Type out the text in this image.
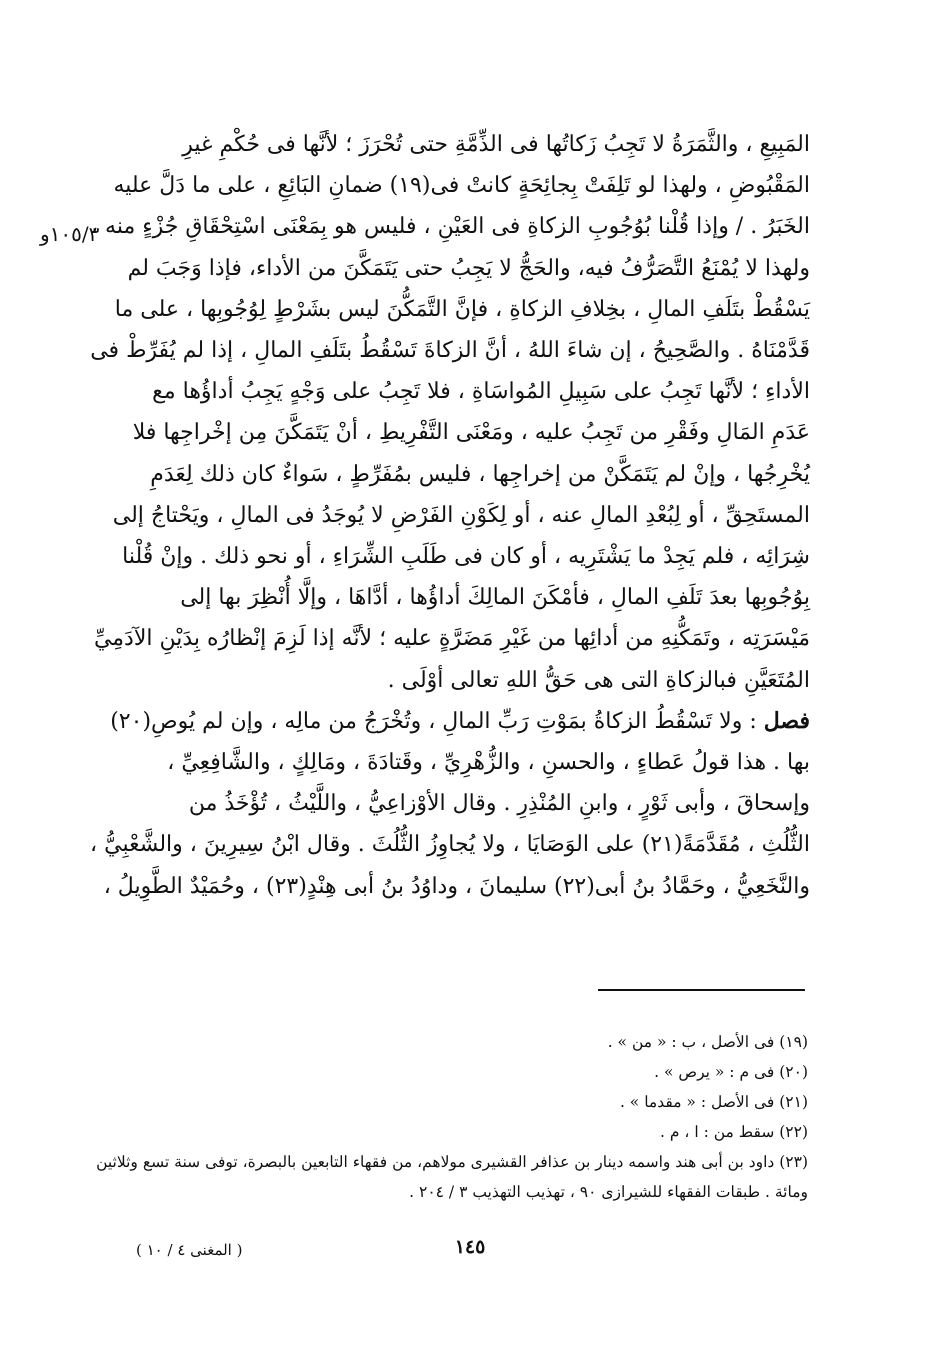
المَبِيعِ ، والثَّمَرَةُ لا تَجِبُ زَكاتُها فى الذِّمَّةِ حتى تُحْرَزَ ؛ لأنَّها فى حُكْمِ غيرِ
المَقْبُوضِ ، ولهذا لو تَلِفَتْ بِجائِحَةٍ كانتْ فى(١٩) ضمانِ البَائِعِ ، على ما دَلَّ عليه
الخَبَرُ . / وإذا قُلْنا بُوُجُوبِ الزكاةِ فى العَيْنِ ، فليس هو بِمَعْنَى اسْتِحْقَاقِ جُزْءٍ منه ،
ولهذا لا يُمْنَعُ التَّصَرُّفُ فيه، والحَجُّ لا يَجِبُ حتى يَتَمَكَّنَ من الأداء، فإذا وَجَبَ لم
يَسْقُطْ بتَلَفِ المالِ ، بخِلافِ الزكاةِ ، فإنَّ التَّمَكُّنَ ليس بشَرْطٍ لِوُجُوبِها ، على ما
قَدَّمْنَاهُ . والصَّحِيحُ ، إن شاءَ اللهُ ، أنَّ الزكاةَ تَسْقُطُ بتَلَفِ المالِ ، إذا لم يُفَرِّطْ فى
الأداءِ ؛ لأنَّها تَجِبُ على سَبِيلِ المُواسَاةِ ، فلا تَجِبُ على وَجْهٍ يَجِبُ أداؤُها مع
عَدَمِ المَالِ وفَقْرِ من تَجِبُ عليه ، ومَعْنَى التَّفْرِيطِ ، أنْ يَتَمَكَّنَ مِن إخْراجِها فلا
يُخْرِجُها ، وإنْ لم يَتَمَكَّنْ من إخراجِها ، فليس بمُفَرِّطٍ ، سَواءٌ كان ذلك لِعَدَمِ
المستَحِقِّ ، أو لِبُعْدِ المالِ عنه ، أو لِكَوْنِ الفَرْضِ لا يُوجَدُ فى المالِ ، ويَحْتاجُ إلى
شِرَائِه ، فلم يَجِدْ ما يَشْتَرِيه ، أو كان فى طَلَبِ الشِّرَاءِ ، أو نحو ذلك . وإنْ قُلْنا
بِوُجُوبِها بعدَ تَلَفِ المالِ ، فأمْكَنَ المالِكَ أداؤُها ، أدَّاهَا ، وإلَّا أُنْظِرَ بها إلى
مَيْسَرَتِه ، وتَمَكُّنِهِ من أدائِها من غَيْرِ مَضَرَّةٍ عليه ؛ لأنَّه إذا لَزِمَ إنْظارُه بِدَيْنِ الآدَمِيِّ
المُتَعَيَّنِ فبالزكاةِ التى هى حَقُّ اللهِ تعالى أوْلَى .
فصل : ولا تَسْقُطُ الزكاةُ بمَوْتِ رَبِّ المالِ ، وتُخْرَجُ من مالِه ، وإن لم يُوصِ(٢٠)
بها . هذا قولُ عَطاءٍ ، والحسنِ ، والزُّهْرِيِّ ، وقَتادَةَ ، ومَالِكٍ ، والشَّافِعِيِّ ،
وإسحاقَ ، وأبى ثَوْرٍ ، وابنِ المُنْذِرِ . وقال الأوْزاعِيُّ ، واللَّيْثُ ، تُؤْخَذُ من
الثُّلُثِ ، مُقَدَّمَةً(٢١) على الوَصَايَا ، ولا يُجاوِزُ الثُّلُثَ . وقال ابْنُ سِيرِينَ ، والشَّعْبِيُّ ،
والنَّخَعِيُّ ، وحَمَّادُ بنُ أبى(٢٢) سليمانَ ، وداوُدُ بنُ أبى هِنْدٍ(٢٣) ، وحُمَيْدٌ الطَّوِيلُ ،
١٠٥/٣و
(١٩) فى الأصل ، ب : « من » .
(٢٠) فى م : « يرص » .
(٢١) فى الأصل : « مقدما » .
(٢٢) سقط من : ا ، م .
(٢٣) داود بن أبى هند واسمه دينار بن عذافر القشيرى مولاهم، من فقهاء التابعين بالبصرة، توفى سنة تسع وثلاثين
ومائة . طبقات الفقهاء للشيرازى ٩٠ ، تهذيب التهذيب ٣ / ٢٠٤ .
١٤٥
( المغنى ٤ / ١٠ )
